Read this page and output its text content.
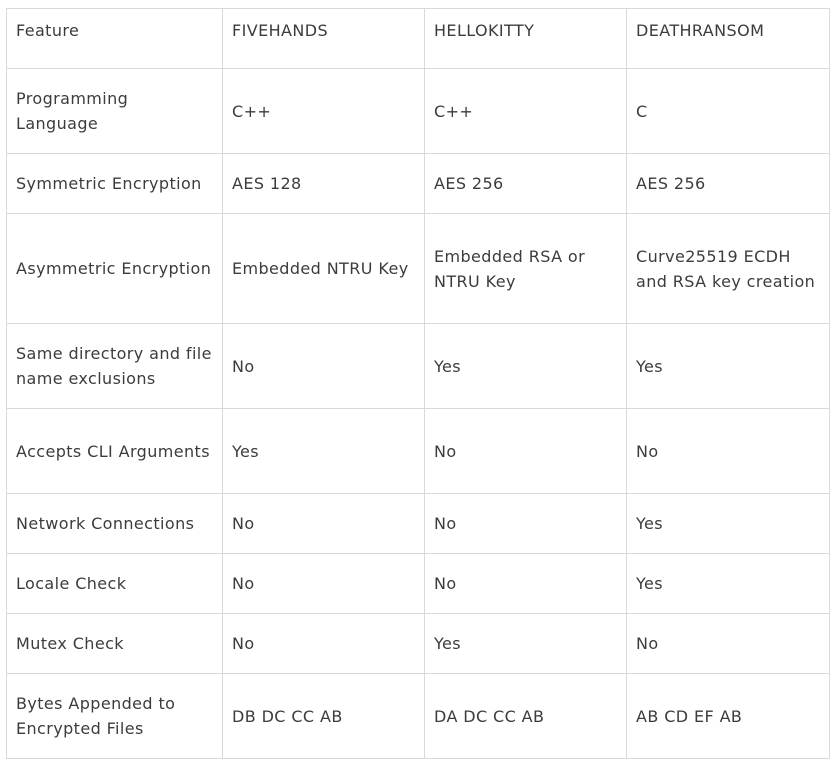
Feature	FIVEHANDS	HELLOKITTY	DEATHRANSOM
Programming Language	C++	C++	C
Symmetric Encryption	AES 128	AES 256	AES 256
Asymmetric Encryption	Embedded NTRU Key	Embedded RSA or NTRU Key	Curve25519 ECDH and RSA key creation
Same directory and file name exclusions	No	Yes	Yes
Accepts CLI Arguments	Yes	No	No
Network Connections	No	No	Yes
Locale Check	No	No	Yes
Mutex Check	No	Yes	No
Bytes Appended to Encrypted Files	DB DC CC AB	DA DC CC AB	AB CD EF AB
